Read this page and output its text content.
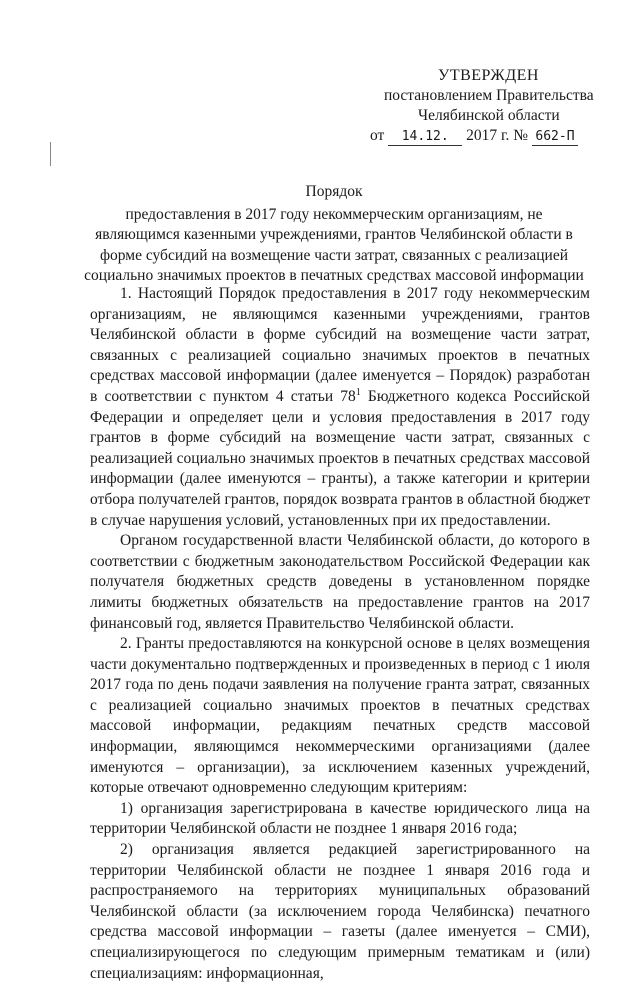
УТВЕРЖДЕН
постановлением Правительства
Челябинской области
от 14.12. 2017 г. № 662-П
Порядок
предоставления в 2017 году некоммерческим организациям, не являющимся казенными учреждениями, грантов Челябинской области в форме субсидий на возмещение части затрат, связанных с реализацией социально значимых проектов в печатных средствах массовой информации

1. Настоящий Порядок предоставления в 2017 году некоммерческим организациям, не являющимся казенными учреждениями, грантов Челябинской области в форме субсидий на возмещение части затрат, связанных с реализацией социально значимых проектов в печатных средствах массовой информации (далее именуется – Порядок) разработан в соответствии с пунктом 4 статьи $78^1$ Бюджетного кодекса Российской Федерации и определяет цели и условия предоставления в 2017 году грантов в форме субсидий на возмещение части затрат, связанных с реализацией социально значимых проектов в печатных средствах массовой информации (далее именуются – гранты), а также категории и критерии отбора получателей грантов, порядок возврата грантов в областной бюджет в случае нарушения условий, установленных при их предоставлении.

Органом государственной власти Челябинской области, до которого в соответствии с бюджетным законодательством Российской Федерации как получателя бюджетных средств доведены в установленном порядке лимиты бюджетных обязательств на предоставление грантов на 2017 финансовый год, является Правительство Челябинской области.

2. Гранты предоставляются на конкурсной основе в целях возмещения части документально подтвержденных и произведенных в период с 1 июля 2017 года по день подачи заявления на получение гранта затрат, связанных с реализацией социально значимых проектов в печатных средствах массовой информации, редакциям печатных средств массовой информации, являющимся некоммерческими организациями (далее именуются – организации), за исключением казенных учреждений, которые отвечают одновременно следующим критериям:

1) организация зарегистрирована в качестве юридического лица на территории Челябинской области не позднее 1 января 2016 года;

2) организация является редакцией зарегистрированного на территории Челябинской области не позднее 1 января 2016 года и распространяемого на территориях муниципальных образований Челябинской области (за исключением города Челябинска) печатного средства массовой информации – газеты (далее именуется – СМИ), специализирующегося по следующим примерным тематикам и (или) специализациям: информационная,
